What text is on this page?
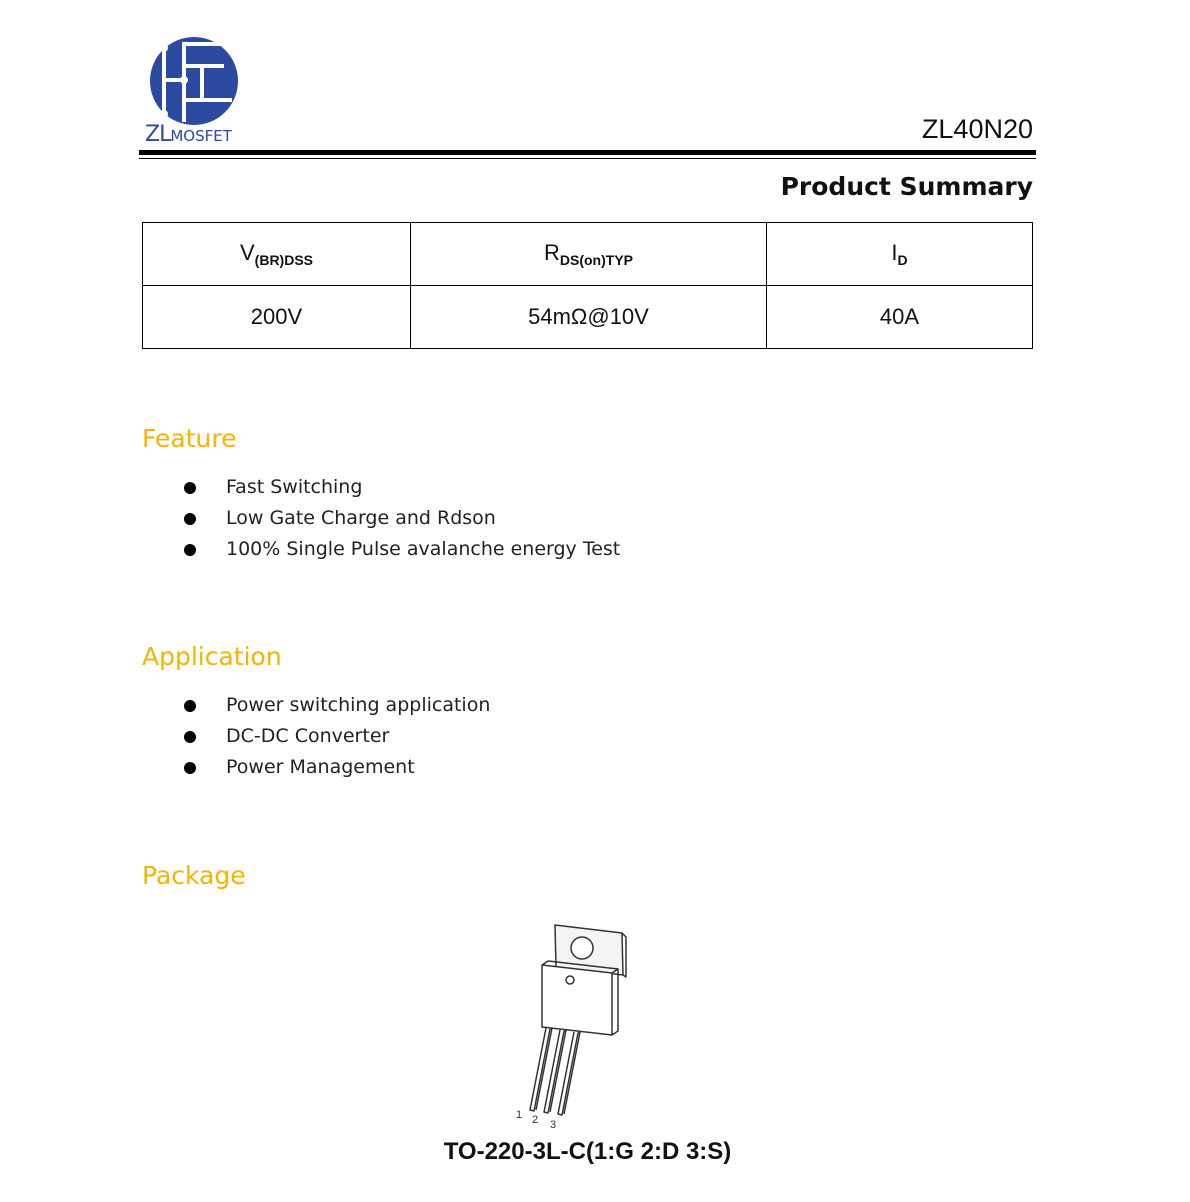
ZLMOSFET	ZL40N20
Product Summary
$V_{(BR)DSS}$	$R_{DS(on)TYP}$	$I_D$
200V	54mΩ@10V	40A
Feature
Fast Switching
Low Gate Charge and Rdson
100% Single Pulse avalanche energy Test
Application
Power switching application
DC-DC Converter
Power Management
Package
1 2 3
TO-220-3L-C(1:G 2:D 3:S)
